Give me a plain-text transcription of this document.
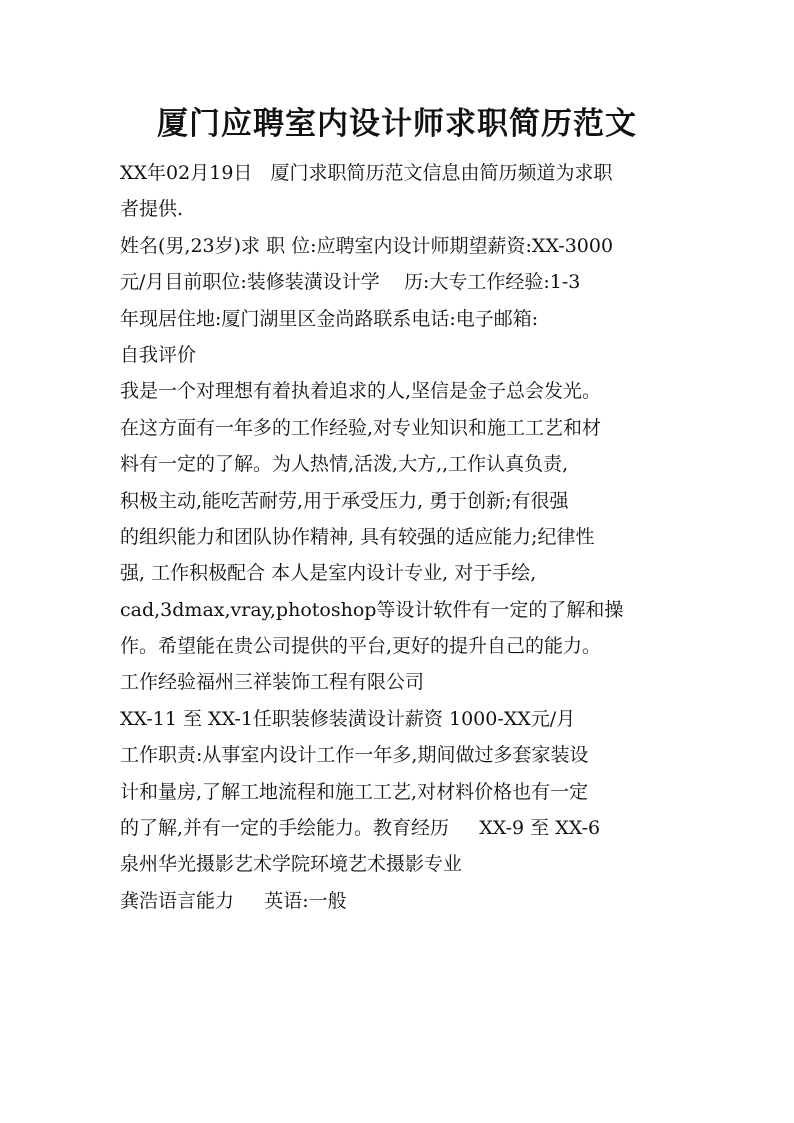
厦门应聘室内设计师求职简历范文
XX年02月19日   厦门求职简历范文信息由简历频道为求职
者提供.
姓名(男,23岁)求 职 位:应聘室内设计师期望薪资:XX-3000
元/月目前职位:装修装潢设计学    历:大专工作经验:1-3
年现居住地:厦门湖里区金尚路联系电话:电子邮箱:
自我评价
我是一个对理想有着执着追求的人,坚信是金子总会发光。
在这方面有一年多的工作经验,对专业知识和施工工艺和材
料有一定的了解。为人热情,活泼,大方,,工作认真负责,
积极主动,能吃苦耐劳,用于承受压力, 勇于创新;有很强
的组织能力和团队协作精神, 具有较强的适应能力;纪律性
强, 工作积极配合 本人是室内设计专业, 对于手绘,
cad,3dmax,vray,photoshop等设计软件有一定的了解和操
作。希望能在贵公司提供的平台,更好的提升自己的能力。
工作经验福州三祥装饰工程有限公司
XX-11 至 XX-1任职装修装潢设计薪资 1000-XX元/月
工作职责:从事室内设计工作一年多,期间做过多套家装设
计和量房,了解工地流程和施工工艺,对材料价格也有一定
的了解,并有一定的手绘能力。教育经历     XX-9 至 XX-6
泉州华光摄影艺术学院环境艺术摄影专业
龚浩语言能力     英语:一般
